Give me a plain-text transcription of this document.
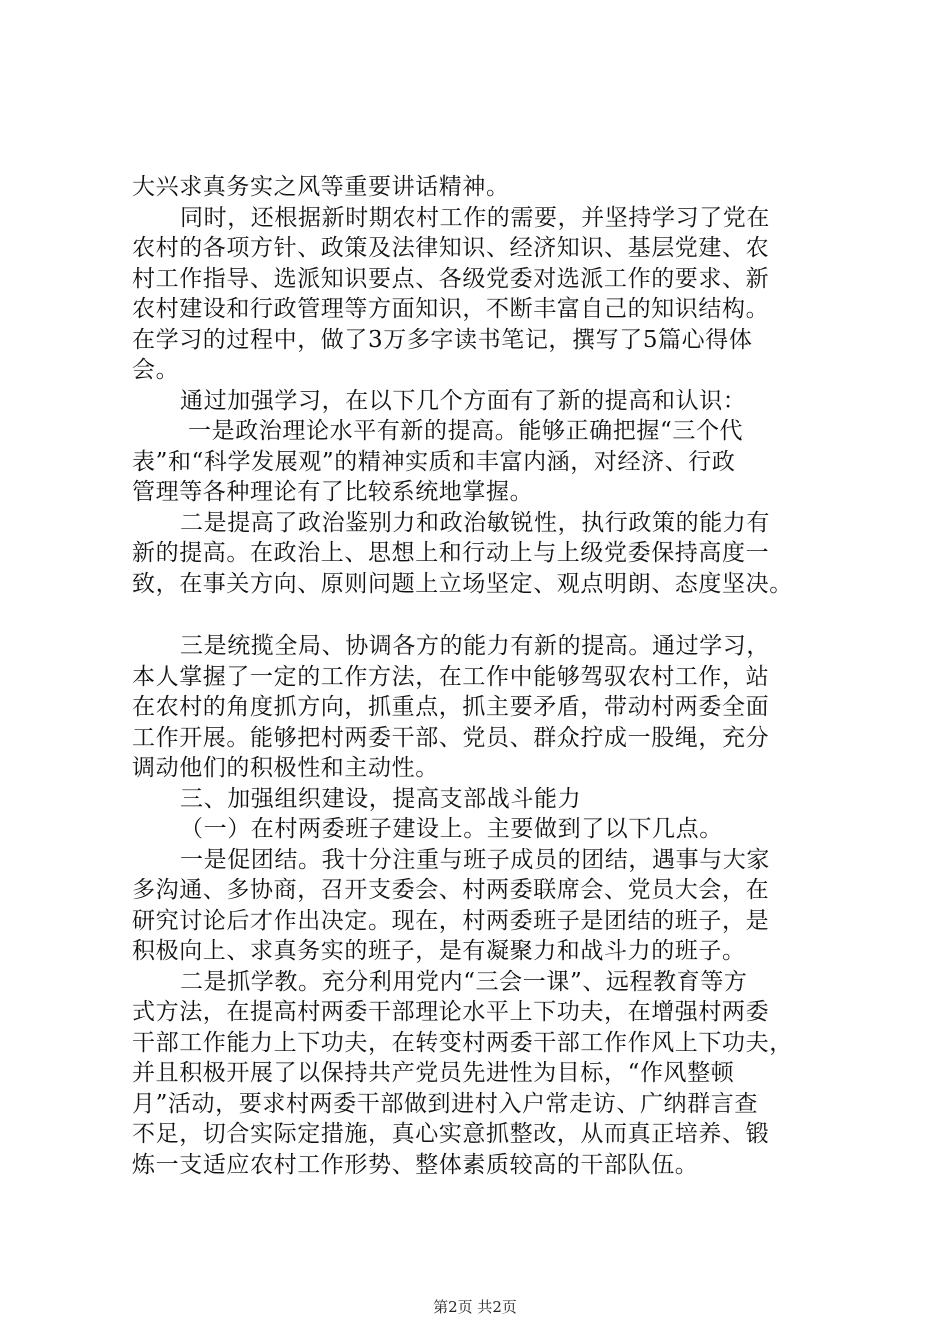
大兴求真务实之风等重要讲话精神。
同时，还根据新时期农村工作的需要，并坚持学习了党在
农村的各项方针、政策及法律知识、经济知识、基层党建、农
村工作指导、选派知识要点、各级党委对选派工作的要求、新
农村建设和行政管理等方面知识，不断丰富自己的知识结构。
在学习的过程中，做了3万多字读书笔记，撰写了5篇心得体
会。
通过加强学习，在以下几个方面有了新的提高和认识：
一是政治理论水平有新的提高。能够正确把握“三个代
表”和“科学发展观”的精神实质和丰富内涵，对经济、行政
管理等各种理论有了比较系统地掌握。
二是提高了政治鉴别力和政治敏锐性，执行政策的能力有
新的提高。在政治上、思想上和行动上与上级党委保持高度一
致，在事关方向、原则问题上立场坚定、观点明朗、态度坚决。
三是统揽全局、协调各方的能力有新的提高。通过学习，
本人掌握了一定的工作方法，在工作中能够驾驭农村工作，站
在农村的角度抓方向，抓重点，抓主要矛盾，带动村两委全面
工作开展。能够把村两委干部、党员、群众拧成一股绳，充分
调动他们的积极性和主动性。
三、加强组织建设，提高支部战斗能力
（一）在村两委班子建设上。主要做到了以下几点。
一是促团结。我十分注重与班子成员的团结，遇事与大家
多沟通、多协商，召开支委会、村两委联席会、党员大会，在
研究讨论后才作出决定。现在，村两委班子是团结的班子，是
积极向上、求真务实的班子，是有凝聚力和战斗力的班子。
二是抓学教。充分利用党内“三会一课”、远程教育等方
式方法，在提高村两委干部理论水平上下功夫，在增强村两委
干部工作能力上下功夫，在转变村两委干部工作作风上下功夫，
并且积极开展了以保持共产党员先进性为目标，“作风整顿
月”活动，要求村两委干部做到进村入户常走访、广纳群言查
不足，切合实际定措施，真心实意抓整改，从而真正培养、锻
炼一支适应农村工作形势、整体素质较高的干部队伍。
第2页 共2页
